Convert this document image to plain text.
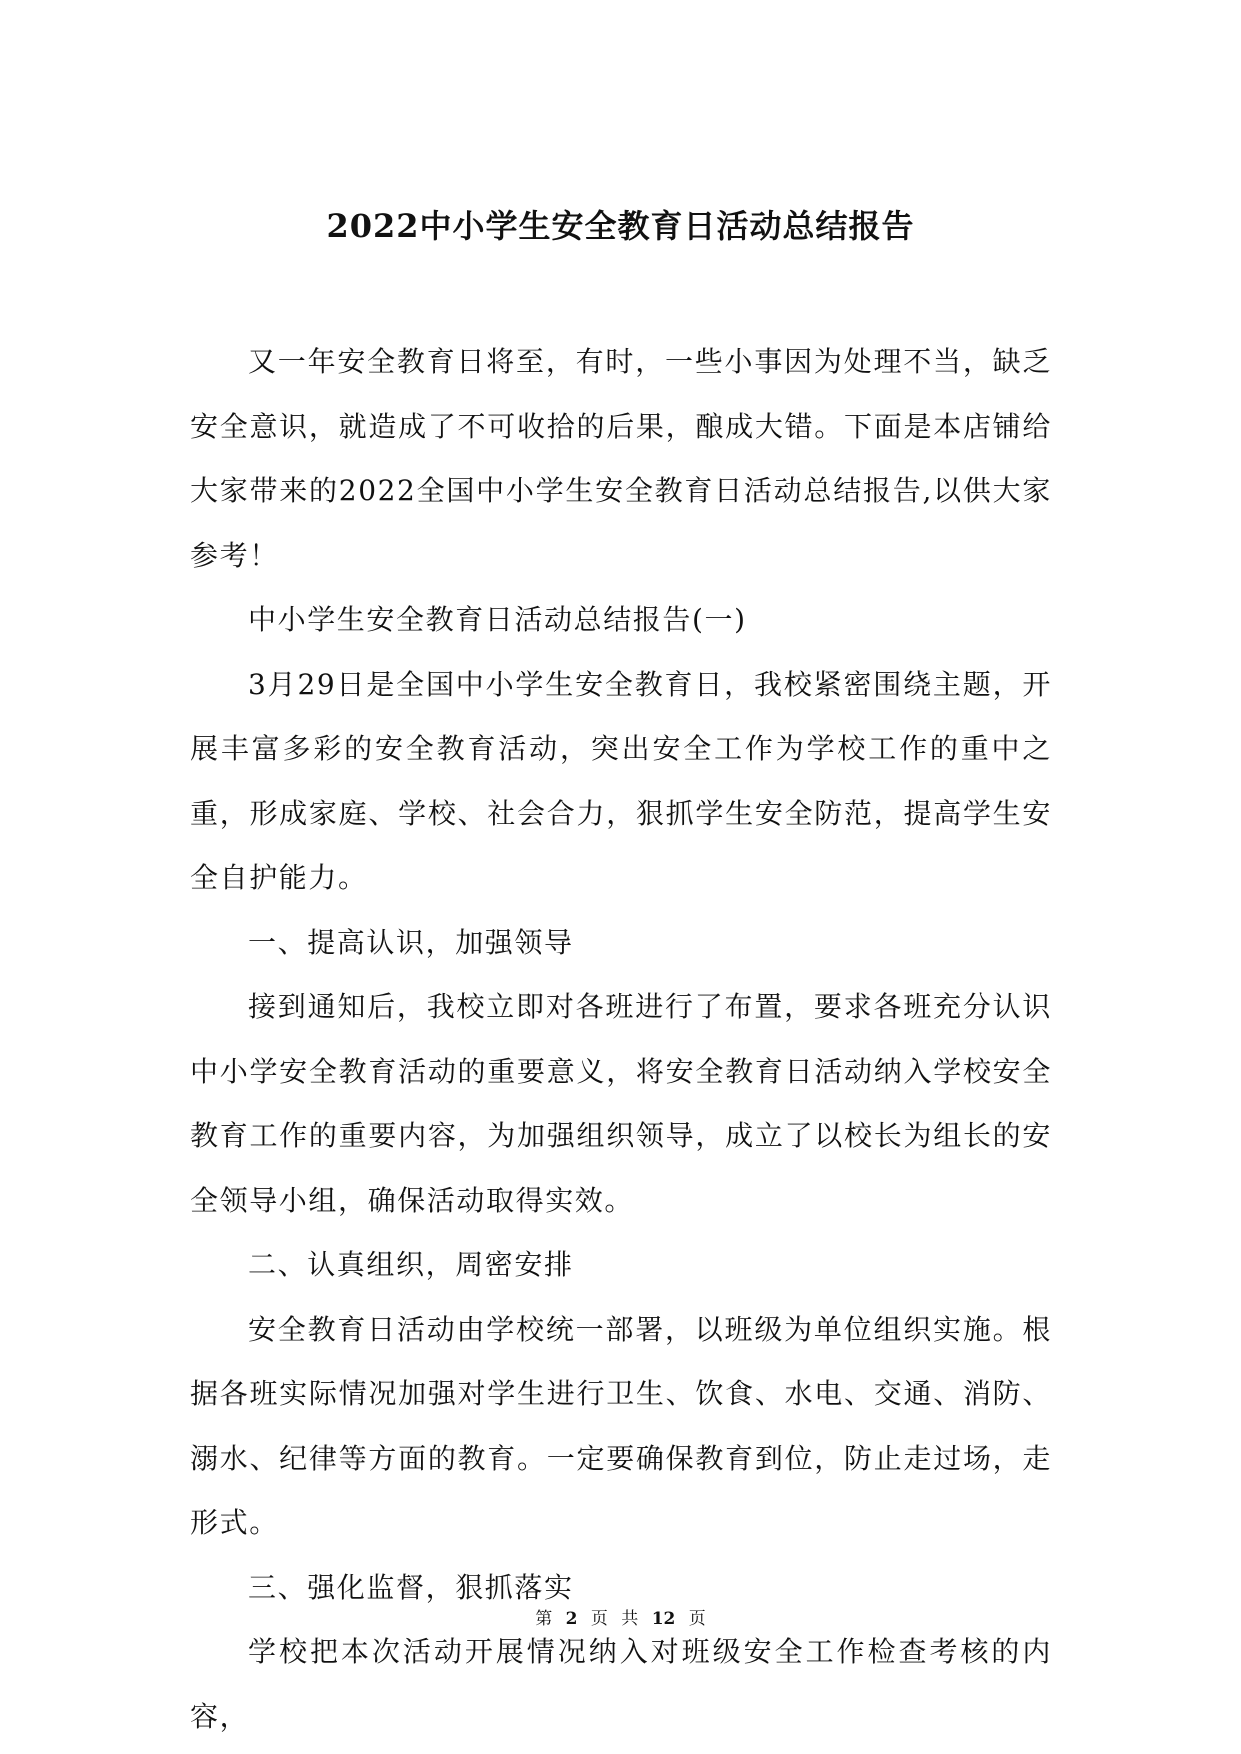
2022中小学生安全教育日活动总结报告

又一年安全教育日将至，有时，一些小事因为处理不当，缺乏安全意识，就造成了不可收拾的后果，酿成大错。下面是本店铺给大家带来的2022全国中小学生安全教育日活动总结报告,以供大家参考！

中小学生安全教育日活动总结报告(一)

3月29日是全国中小学生安全教育日，我校紧密围绕主题，开展丰富多彩的安全教育活动，突出安全工作为学校工作的重中之重，形成家庭、学校、社会合力，狠抓学生安全防范，提高学生安全自护能力。

一、提高认识，加强领导

接到通知后，我校立即对各班进行了布置，要求各班充分认识中小学安全教育活动的重要意义，将安全教育日活动纳入学校安全教育工作的重要内容，为加强组织领导，成立了以校长为组长的安全领导小组，确保活动取得实效。

二、认真组织，周密安排

安全教育日活动由学校统一部署，以班级为单位组织实施。根据各班实际情况加强对学生进行卫生、饮食、水电、交通、消防、溺水、纪律等方面的教育。一定要确保教育到位，防止走过场，走形式。

三、强化监督，狠抓落实

学校把本次活动开展情况纳入对班级安全工作检查考核的内容，

第 2 页 共 12 页
